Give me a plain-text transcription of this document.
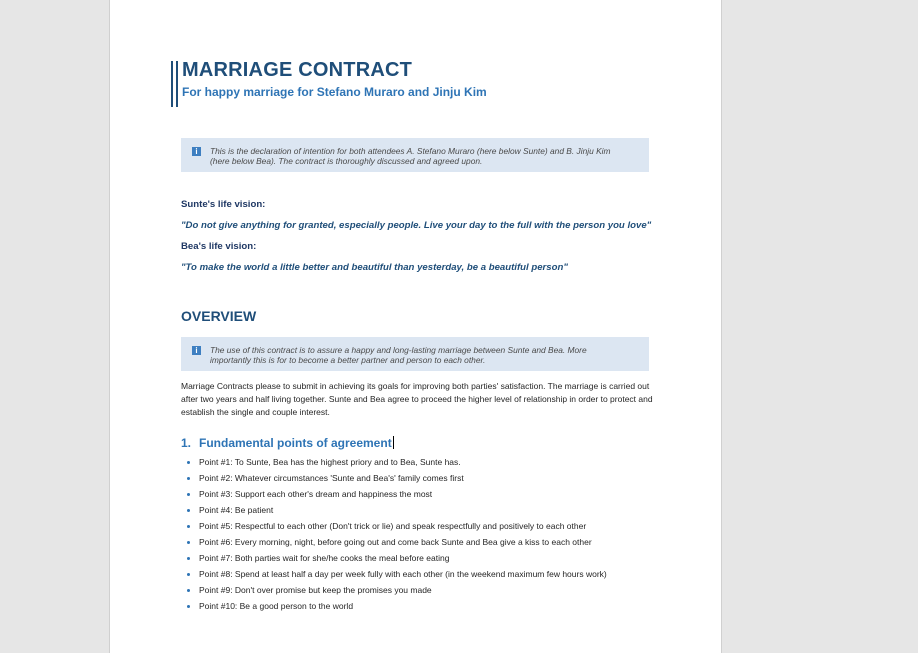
MARRIAGE CONTRACT
For happy marriage for Stefano Muraro and Jinju Kim
i	This is the declaration of intention for both attendees A. Stefano Muraro (here below Sunte) and B. Jinju Kim (here below Bea). The contract is thoroughly discussed and agreed upon.
Sunte's life vision:
"Do not give anything for granted, especially people. Live your day to the full with the person you love"
Bea's life vision:
"To make the world a little better and beautiful than yesterday, be a beautiful person"
OVERVIEW
i	The use of this contract is to assure a happy and long-lasting marriage between Sunte and Bea. More importantly this is for to become a better partner and person to each other.
Marriage Contracts please to submit in achieving its goals for improving both parties' satisfaction. The marriage is carried out after two years and half living together. Sunte and Bea agree to proceed the higher level of relationship in order to protect and establish the single and couple interest.
1. Fundamental points of agreement
Point #1: To Sunte, Bea has the highest priory and to Bea, Sunte has.
Point #2: Whatever circumstances 'Sunte and Bea's' family comes first
Point #3: Support each other's dream and happiness the most
Point #4: Be patient
Point #5: Respectful to each other (Don't trick or lie) and speak respectfully and positively to each other
Point #6: Every morning, night, before going out and come back Sunte and Bea give a kiss to each other
Point #7: Both parties wait for she/he cooks the meal before eating
Point #8: Spend at least half a day per week fully with each other (in the weekend maximum few hours work)
Point #9: Don't over promise but keep the promises you made
Point #10: Be a good person to the world
